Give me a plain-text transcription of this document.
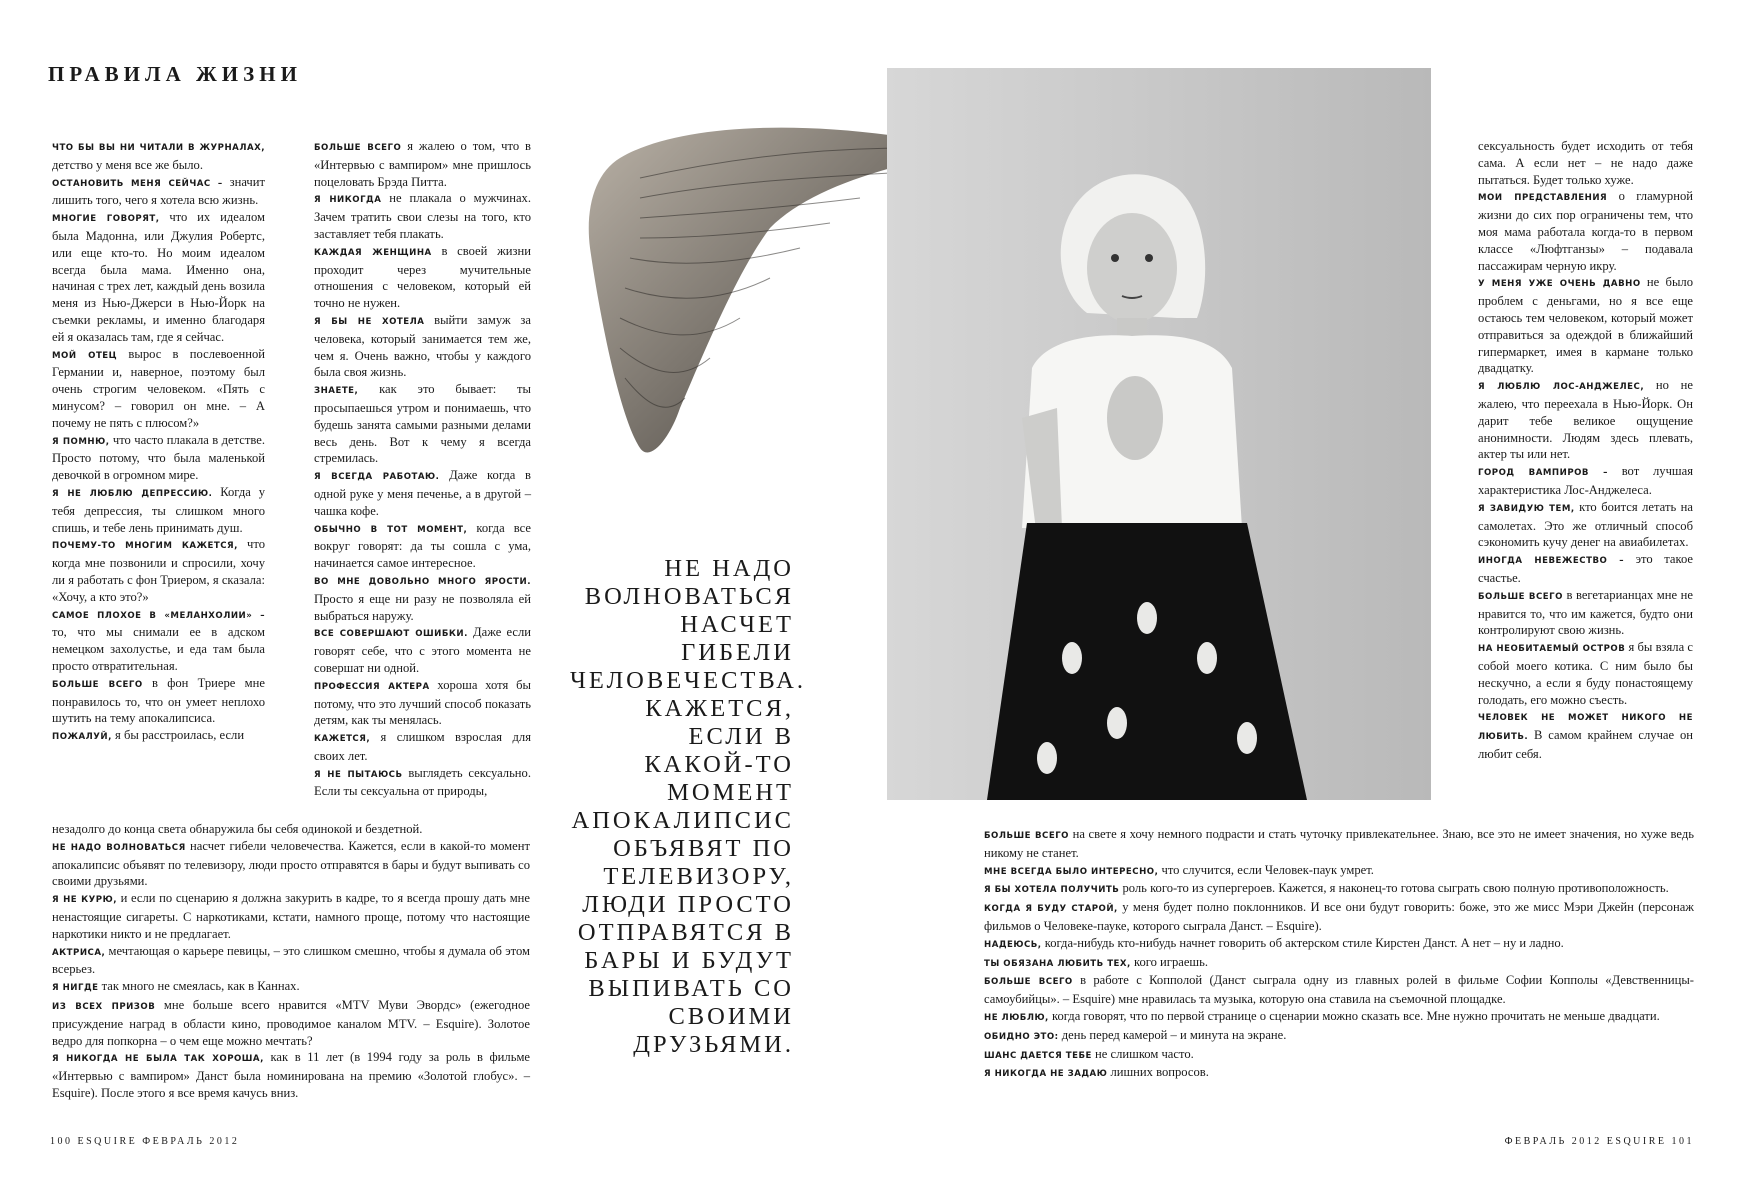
ПРАВИЛА ЖИЗНИ

ЧТО БЫ ВЫ НИ ЧИТАЛИ В ЖУРНАЛАХ, детство у меня все же было.

ОСТАНОВИТЬ МЕНЯ СЕЙЧАС – значит лишить того, чего я хотела всю жизнь.

МНОГИЕ ГОВОРЯТ, что их идеалом была Мадонна, или Джулия Робертс, или еще кто-то. Но моим идеалом всегда была мама. Именно она, начиная с трех лет, каждый день возила меня из Нью-Джерси в Нью-Йорк на съемки рекламы, и именно благодаря ей я оказалась там, где я сейчас.

МОЙ ОТЕЦ вырос в послевоенной Германии и, наверное, поэтому был очень строгим человеком. «Пять с минусом? – говорил он мне. – А почему не пять с плюсом?»

Я ПОМНЮ, что часто плакала в детстве. Просто потому, что была маленькой девочкой в огромном мире.

Я НЕ ЛЮБЛЮ ДЕПРЕССИЮ. Когда у тебя депрессия, ты слишком много спишь, и тебе лень принимать душ.

ПОЧЕМУ-ТО МНОГИМ КАЖЕТСЯ, что когда мне позвонили и спросили, хочу ли я работать с фон Триером, я сказала: «Хочу, а кто это?»

САМОЕ ПЛОХОЕ В «МЕЛАНХОЛИИ» – то, что мы снимали ее в адском немецком захолустье, и еда там была просто отвратительная.

БОЛЬШЕ ВСЕГО в фон Триере мне понравилось то, что он умеет неплохо шутить на тему апокалипсиса.

ПОЖАЛУЙ, я бы расстроилась, если

БОЛЬШЕ ВСЕГО я жалею о том, что в «Интервью с вампиром» мне пришлось поцеловать Брэда Питта.

Я НИКОГДА не плакала о мужчинах. Зачем тратить свои слезы на того, кто заставляет тебя плакать.

КАЖДАЯ ЖЕНЩИНА в своей жизни проходит через мучительные отношения с человеком, который ей точно не нужен.

Я БЫ НЕ ХОТЕЛА выйти замуж за человека, который занимается тем же, чем я. Очень важно, чтобы у каждого была своя жизнь.

ЗНАЕТЕ, как это бывает: ты просыпаешься утром и понимаешь, что будешь занята самыми разными делами весь день. Вот к чему я всегда стремилась.

Я ВСЕГДА РАБОТАЮ. Даже когда в одной руке у меня печенье, а в другой – чашка кофе.

ОБЫЧНО В ТОТ МОМЕНТ, когда все вокруг говорят: да ты сошла с ума, начинается самое интересное.

ВО МНЕ ДОВОЛЬНО МНОГО ЯРОСТИ. Просто я еще ни разу не позволяла ей выбраться наружу.

ВСЕ СОВЕРШАЮТ ОШИБКИ. Даже если говорят себе, что с этого момента не совершат ни одной.

ПРОФЕССИЯ АКТЕРА хороша хотя бы потому, что это лучший способ показать детям, как ты менялась.

КАЖЕТСЯ, я слишком взрослая для своих лет.

Я НЕ ПЫТАЮСЬ выглядеть сексуально. Если ты сексуальна от природы,

незадолго до конца света обнаружила бы себя одинокой и бездетной.

НЕ НАДО ВОЛНОВАТЬСЯ насчет гибели человечества. Кажется, если в какой-то момент апокалипсис объявят по телевизору, люди просто отправятся в бары и будут выпивать со своими друзьями.

Я НЕ КУРЮ, и если по сценарию я должна закурить в кадре, то я всегда прошу дать мне ненастоящие сигареты. С наркотиками, кстати, намного проще, потому что настоящие наркотики никто и не предлагает.

АКТРИСА, мечтающая о карьере певицы, – это слишком смешно, чтобы я думала об этом всерьез.

Я НИГДЕ так много не смеялась, как в Каннах.

ИЗ ВСЕХ ПРИЗОВ мне больше всего нравится «MTV Муви Эвордс» (ежегодное присуждение наград в области кино, проводимое каналом MTV. – Esquire). Золотое ведро для попкорна – о чем еще можно мечтать?

Я НИКОГДА НЕ БЫЛА ТАК ХОРОША, как в 11 лет (в 1994 году за роль в фильме «Интервью с вампиром» Данст была номинирована на премию «Золотой глобус». – Esquire). После этого я все время качусь вниз.

НЕ НАДО ВОЛНОВАТЬСЯ НАСЧЕТ ГИБЕЛИ ЧЕЛОВЕЧЕСТВА. КАЖЕТСЯ, ЕСЛИ В КАКОЙ-ТО МОМЕНТ АПОКАЛИПСИС ОБЪЯВЯТ ПО ТЕЛЕВИЗОРУ, ЛЮДИ ПРОСТО ОТПРАВЯТСЯ В БАРЫ И БУДУТ ВЫПИВАТЬ СО СВОИМИ ДРУЗЬЯМИ.

сексуальность будет исходить от тебя сама. А если нет – не надо даже пытаться. Будет только хуже.

МОИ ПРЕДСТАВЛЕНИЯ о гламурной жизни до сих пор ограничены тем, что моя мама работала когда-то в первом классе «Люфтганзы» – подавала пассажирам черную икру.

У МЕНЯ УЖЕ ОЧЕНЬ ДАВНО не было проблем с деньгами, но я все еще остаюсь тем человеком, который может отправиться за одеждой в ближайший гипермаркет, имея в кармане только двадцатку.

Я ЛЮБЛЮ ЛОС-АНДЖЕЛЕС, но не жалею, что переехала в Нью-Йорк. Он дарит тебе великое ощущение анонимности. Людям здесь плевать, актер ты или нет.

ГОРОД ВАМПИРОВ – вот лучшая характеристика Лос-Анджелеса.

Я ЗАВИДУЮ ТЕМ, кто боится летать на самолетах. Это же отличный способ сэкономить кучу денег на авиабилетах.

ИНОГДА НЕВЕЖЕСТВО – это такое счастье.

БОЛЬШЕ ВСЕГО в вегетарианцах мне не нравится то, что им кажется, будто они контролируют свою жизнь.

НА НЕОБИТАЕМЫЙ ОСТРОВ я бы взяла с собой моего котика. С ним было бы нескучно, а если я буду понастоящему голодать, его можно съесть.

ЧЕЛОВЕК НЕ МОЖЕТ НИКОГО НЕ ЛЮБИТЬ. В самом крайнем случае он любит себя.

БОЛЬШЕ ВСЕГО на свете я хочу немного подрасти и стать чуточку привлекательнее. Знаю, все это не имеет значения, но хуже ведь никому не станет.

МНЕ ВСЕГДА БЫЛО ИНТЕРЕСНО, что случится, если Человек-паук умрет.

Я БЫ ХОТЕЛА ПОЛУЧИТЬ роль кого-то из супергероев. Кажется, я наконец-то готова сыграть свою полную противоположность.

КОГДА Я БУДУ СТАРОЙ, у меня будет полно поклонников. И все они будут говорить: боже, это же мисс Мэри Джейн (персонаж фильмов о Человеке-пауке, которого сыграла Данст. – Esquire).

НАДЕЮСЬ, когда-нибудь кто-нибудь начнет говорить об актерском стиле Кирстен Данст. А нет – ну и ладно.

ТЫ ОБЯЗАНА ЛЮБИТЬ ТЕХ, кого играешь.

БОЛЬШЕ ВСЕГО в работе с Копполой (Данст сыграла одну из главных ролей в фильме Софии Копполы «Девственницы-самоубийцы». – Esquire) мне нравилась та музыка, которую она ставила на съемочной площадке.

НЕ ЛЮБЛЮ, когда говорят, что по первой странице о сценарии можно сказать все. Мне нужно прочитать не меньше двадцати.

ОБИДНО ЭТО: день перед камерой – и минута на экране.

ШАНС ДАЕТСЯ ТЕБЕ не слишком часто.

Я НИКОГДА НЕ ЗАДАЮ лишних вопросов.

100 ESQUIRE ФЕВРАЛЬ 2012	ФЕВРАЛЬ 2012 ESQUIRE 101
